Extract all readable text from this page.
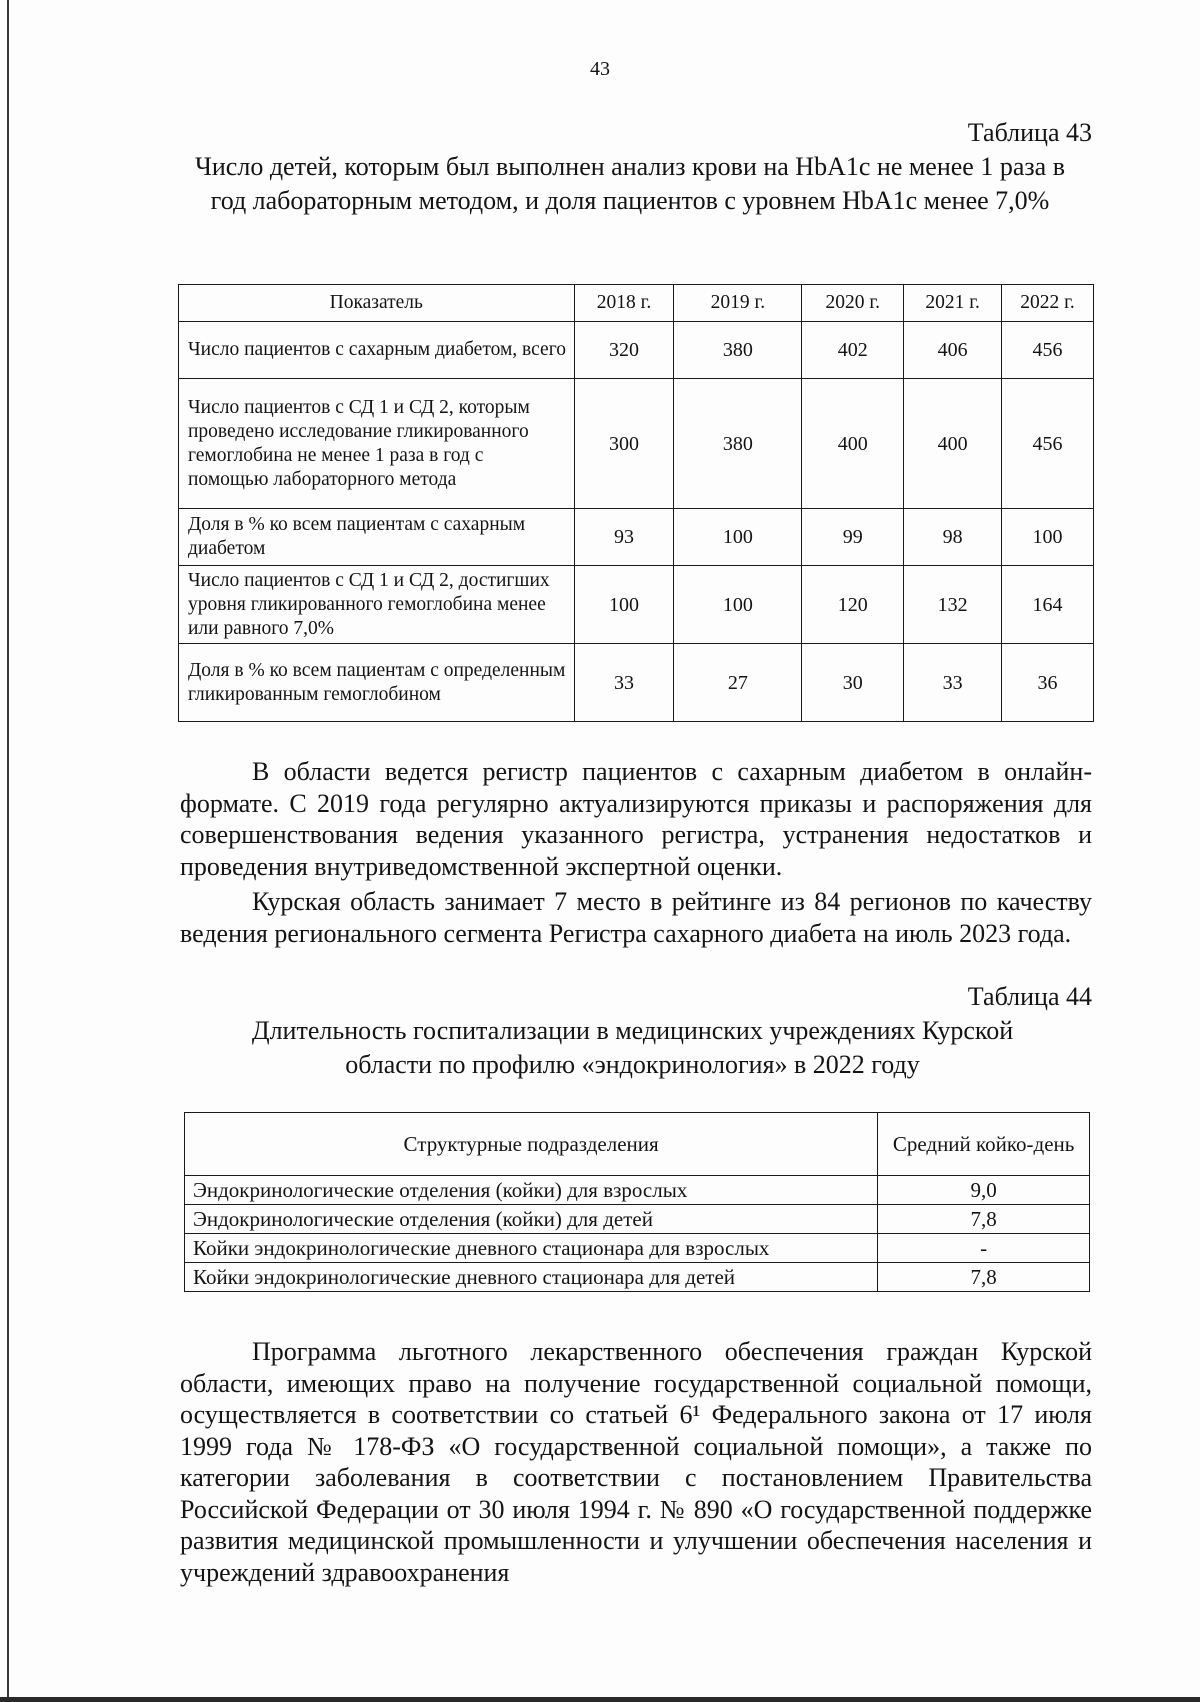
43
Таблица 43
Число детей, которым был выполнен анализ крови на HbA1c не менее 1 раза в год лабораторным методом, и доля пациентов с уровнем HbA1c менее 7,0%
Показатель	2018 г.	2019 г.	2020 г.	2021 г.	2022 г.
Число пациентов с сахарным диабетом, всего	320	380	402	406	456
Число пациентов с СД 1 и СД 2, которым проведено исследование гликированного гемоглобина не менее 1 раза в год с помощью лабораторного метода	300	380	400	400	456
Доля в % ко всем пациентам с сахарным диабетом	93	100	99	98	100
Число пациентов с СД 1 и СД 2, достигших уровня гликированного гемоглобина менее или равного 7,0%	100	100	120	132	164
Доля в % ко всем пациентам с определенным гликированным гемоглобином	33	27	30	33	36
В области ведется регистр пациентов с сахарным диабетом в онлайн-формате. С 2019 года регулярно актуализируются приказы и распоряжения для совершенствования ведения указанного регистра, устранения недостатков и проведения внутриведомственной экспертной оценки.
Курская область занимает 7 место в рейтинге из 84 регионов по качеству ведения регионального сегмента Регистра сахарного диабета на июль 2023 года.
Таблица 44
Длительность госпитализации в медицинских учреждениях Курской области по профилю «эндокринология» в 2022 году
Структурные подразделения	Средний койко-день
Эндокринологические отделения (койки) для взрослых	9,0
Эндокринологические отделения (койки) для детей	7,8
Койки эндокринологические дневного стационара для взрослых	-
Койки эндокринологические дневного стационара для детей	7,8
Программа льготного лекарственного обеспечения граждан Курской области, имеющих право на получение государственной социальной помощи, осуществляется в соответствии со статьей 6¹ Федерального закона от 17 июля 1999 года № 178-ФЗ «О государственной социальной помощи», а также по категории заболевания в соответствии с постановлением Правительства Российской Федерации от 30 июля 1994 г. № 890 «О государственной поддержке развития медицинской промышленности и улучшении обеспечения населения и учреждений здравоохранения
